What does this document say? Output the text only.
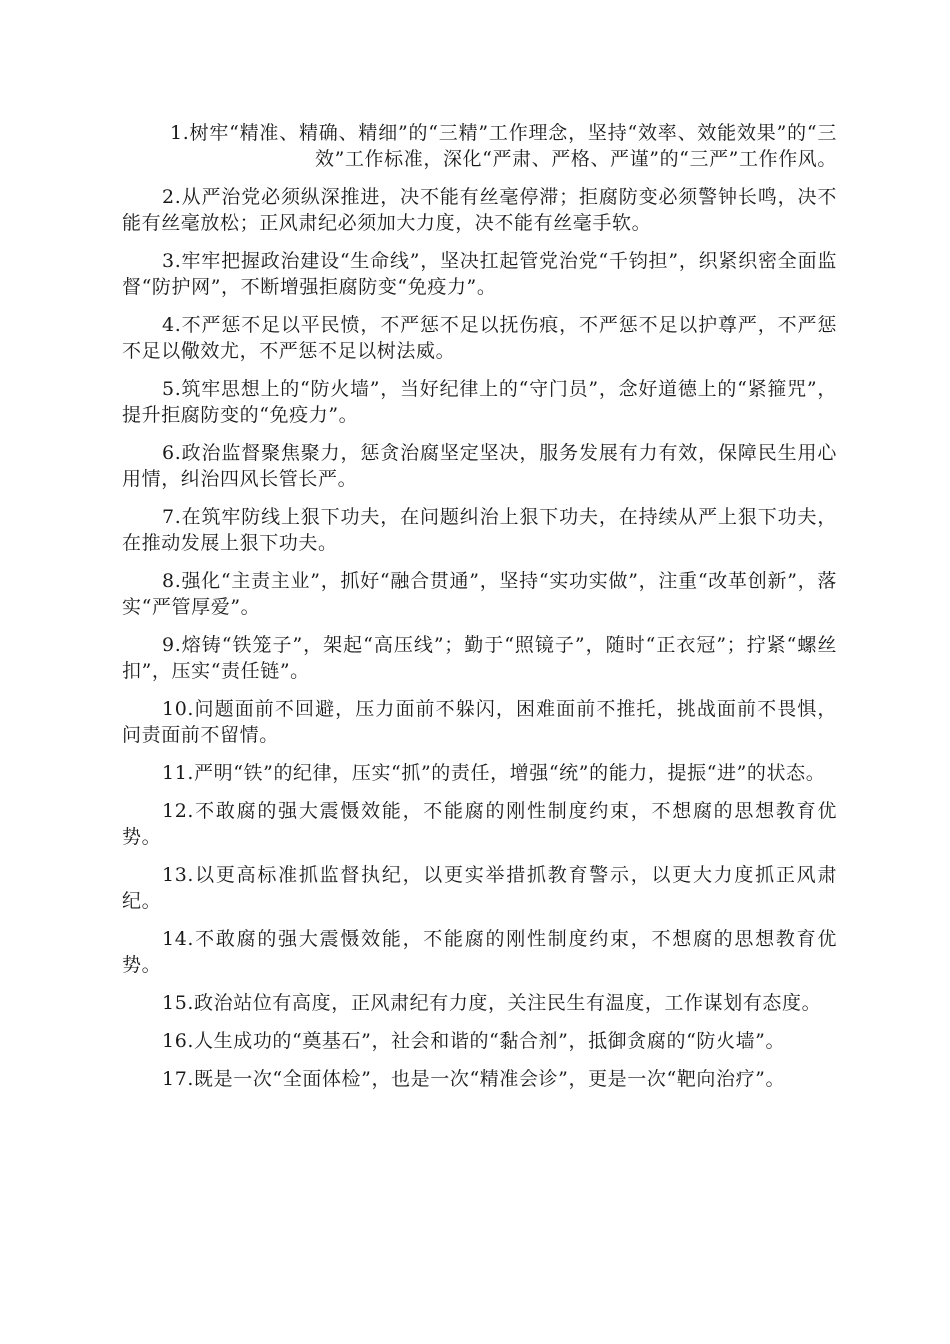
1.树牢“精准、精确、精细”的“三精”工作理念，坚持“效率、效能效果”的“三效”工作标准，深化“严肃、严格、严谨”的“三严”工作作风。

2.从严治党必须纵深推进，决不能有丝毫停滞；拒腐防变必须警钟长鸣，决不能有丝毫放松；正风肃纪必须加大力度，决不能有丝毫手软。

3.牢牢把握政治建设“生命线”，坚决扛起管党治党“千钧担”，织紧织密全面监督“防护网”，不断增强拒腐防变“免疫力”。

4.不严惩不足以平民愤，不严惩不足以抚伤痕，不严惩不足以护尊严，不严惩不足以儆效尤，不严惩不足以树法威。

5.筑牢思想上的“防火墙”，当好纪律上的“守门员”，念好道德上的“紧箍咒”，提升拒腐防变的“免疫力”。

6.政治监督聚焦聚力，惩贪治腐坚定坚决，服务发展有力有效，保障民生用心用情，纠治四风长管长严。

7.在筑牢防线上狠下功夫，在问题纠治上狠下功夫，在持续从严上狠下功夫，在推动发展上狠下功夫。

8.强化“主责主业”，抓好“融合贯通”，坚持“实功实做”，注重“改革创新”，落实“严管厚爱”。

9.熔铸“铁笼子”，架起“高压线”；勤于“照镜子”，随时“正衣冠”；拧紧“螺丝扣”，压实“责任链”。

10.问题面前不回避，压力面前不躲闪，困难面前不推托，挑战面前不畏惧，问责面前不留情。

11.严明“铁”的纪律，压实“抓”的责任，增强“统”的能力，提振“进”的状态。

12.不敢腐的强大震慑效能，不能腐的刚性制度约束，不想腐的思想教育优势。

13.以更高标准抓监督执纪，以更实举措抓教育警示，以更大力度抓正风肃纪。

14.不敢腐的强大震慑效能，不能腐的刚性制度约束，不想腐的思想教育优势。

15.政治站位有高度，正风肃纪有力度，关注民生有温度，工作谋划有态度。

16.人生成功的“奠基石”，社会和谐的“黏合剂”，抵御贪腐的“防火墙”。

17.既是一次“全面体检”，也是一次“精准会诊”，更是一次“靶向治疗”。
